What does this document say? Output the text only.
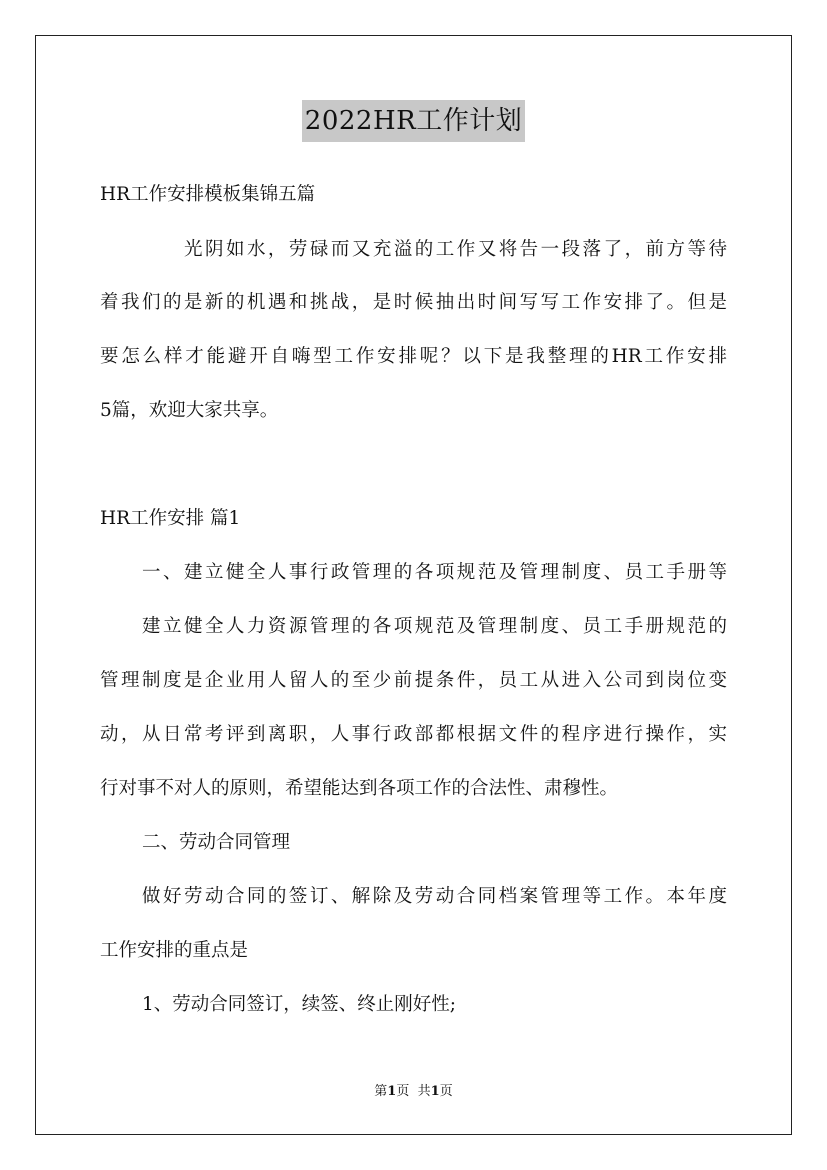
2022HR工作计划
HR工作安排模板集锦五篇
光阴如水，劳碌而又充溢的工作又将告一段落了，前方等待
着我们的是新的机遇和挑战，是时候抽出时间写写工作安排了。但是
要怎么样才能避开自嗨型工作安排呢？以下是我整理的HR工作安排
5篇，欢迎大家共享。
HR工作安排 篇1
一、建立健全人事行政管理的各项规范及管理制度、员工手册等
建立健全人力资源管理的各项规范及管理制度、员工手册规范的
管理制度是企业用人留人的至少前提条件，员工从进入公司到岗位变
动，从日常考评到离职，人事行政部都根据文件的程序进行操作，实
行对事不对人的原则，希望能达到各项工作的合法性、肃穆性。
二、劳动合同管理
做好劳动合同的签订、解除及劳动合同档案管理等工作。本年度
工作安排的重点是
1、劳动合同签订，续签、终止刚好性;
第1页 共1页
